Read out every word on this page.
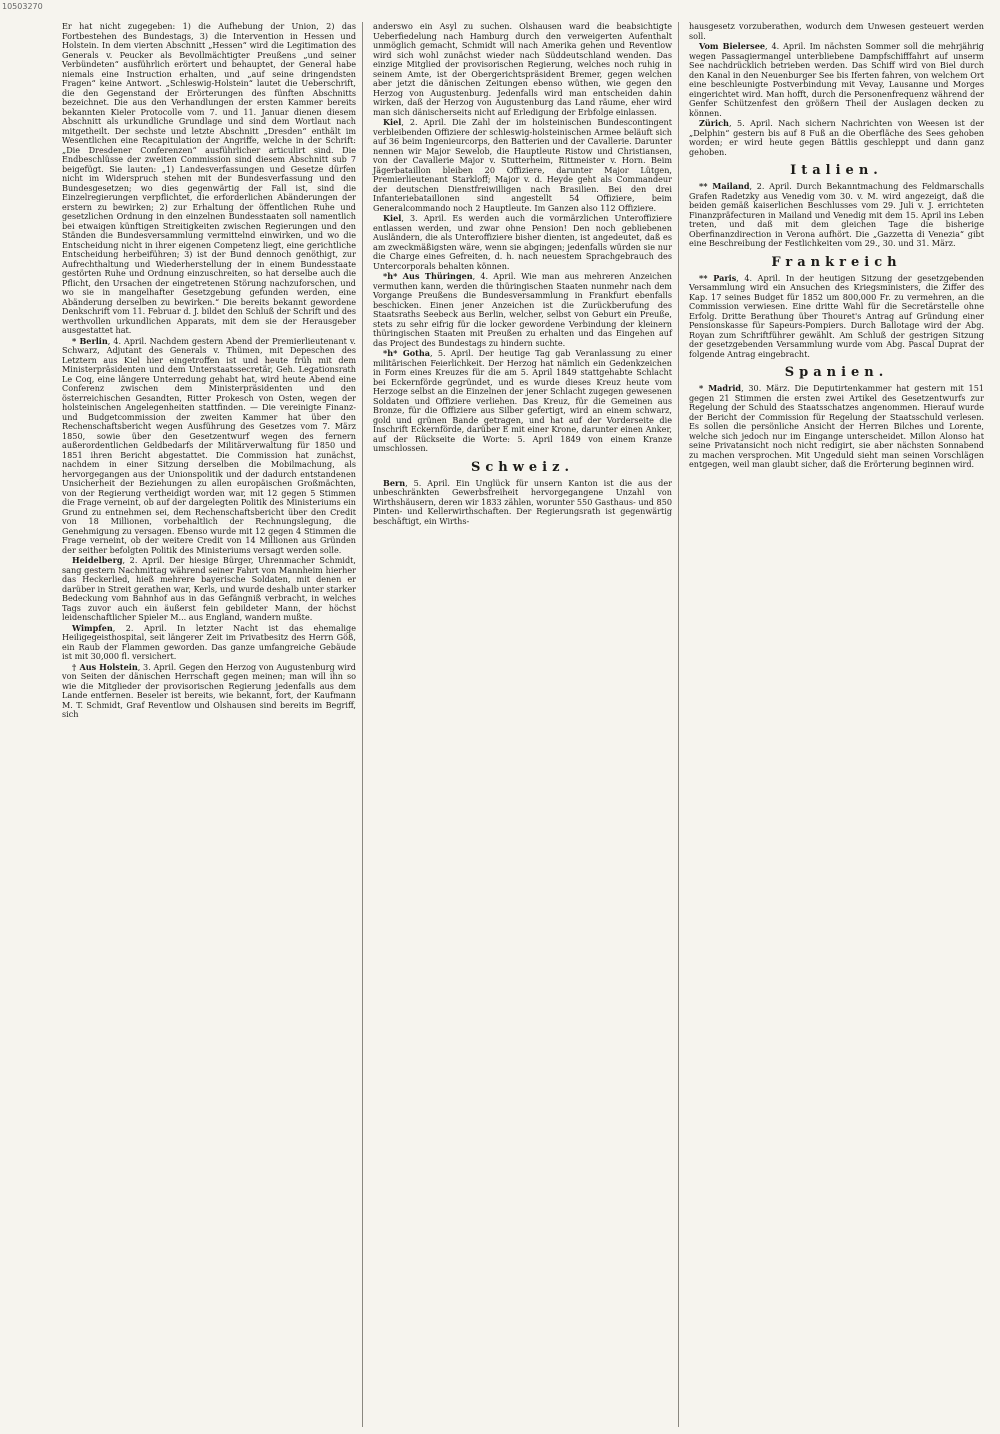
10503270

Er hat nicht zugegeben: 1) die Aufhebung der Union, 2) das Fortbestehen des Bundestags, 3) die Intervention in Hessen und Holstein. In dem vierten Abschnitt „Hessen“ wird die Legitimation des Generals v. Peucker als Bevollmächtigter Preußens „und seiner Verbündeten“ ausführlich erörtert und behauptet, der General habe niemals eine Instruction erhalten, und „auf seine dringendsten Fragen“ keine Antwort. „Schleswig-Holstein“ lautet die Ueberschrift, die den Gegenstand der Erörterungen des fünften Abschnitts bezeichnet. Die aus den Verhandlungen der ersten Kammer bereits bekannten Kieler Protocolle vom 7. und 11. Januar dienen diesem Abschnitt als urkundliche Grundlage und sind dem Wortlaut nach mitgetheilt. Der sechste und letzte Abschnitt „Dresden“ enthält im Wesentlichen eine Recapitulation der Angriffe, welche in der Schrift: „Die Dresdener Conferenzen“ ausführlicher articulirt sind. Die Endbeschlüsse der zweiten Commission sind diesem Abschnitt sub 7 beigefügt. Sie lauten: „1) Landesverfassungen und Gesetze dürfen nicht im Widerspruch stehen mit der Bundesverfassung und den Bundesgesetzen; wo dies gegenwärtig der Fall ist, sind die Einzelregierungen verpflichtet, die erforderlichen Abänderungen der erstern zu bewirken; 2) zur Erhaltung der öffentlichen Ruhe und gesetzlichen Ordnung in den einzelnen Bundesstaaten soll namentlich bei etwaigen künftigen Streitigkeiten zwischen Regierungen und den Ständen die Bundesversammlung vermittelnd einwirken, und wo die Entscheidung nicht in ihrer eigenen Competenz liegt, eine gerichtliche Entscheidung herbeiführen; 3) ist der Bund dennoch genöthigt, zur Aufrechthaltung und Wiederherstellung der in einem Bundesstaate gestörten Ruhe und Ordnung einzuschreiten, so hat derselbe auch die Pflicht, den Ursachen der eingetretenen Störung nachzuforschen, und wo sie in mangelhafter Gesetzgebung gefunden werden, eine Abänderung derselben zu bewirken.“ Die bereits bekannt gewordene Denkschrift vom 11. Februar d. J. bildet den Schluß der Schrift und des werthvollen urkundlichen Apparats, mit dem sie der Herausgeber ausgestattet hat.

* Berlin, 4. April. Nachdem gestern Abend der Premierlieutenant v. Schwarz, Adjutant des Generals v. Thümen, mit Depeschen des Letztern aus Kiel hier eingetroffen ist und heute früh mit dem Ministerpräsidenten und dem Unterstaatssecretär, Geh. Legationsrath Le Coq, eine längere Unterredung gehabt hat, wird heute Abend eine Conferenz zwischen dem Ministerpräsidenten und den österreichischen Gesandten, Ritter Prokesch von Osten, wegen der holsteinischen Angelegenheiten stattfinden. — Die vereinigte Finanz- und Budgetcommission der zweiten Kammer hat über den Rechenschaftsbericht wegen Ausführung des Gesetzes vom 7. März 1850, sowie über den Gesetzentwurf wegen des fernern außerordentlichen Geldbedarfs der Militärverwaltung für 1850 und 1851 ihren Bericht abgestattet. Die Commission hat zunächst, nachdem in einer Sitzung derselben die Mobilmachung, als hervorgegangen aus der Unionspolitik und der dadurch entstandenen Unsicherheit der Beziehungen zu allen europäischen Großmächten, von der Regierung vertheidigt worden war, mit 12 gegen 5 Stimmen die Frage verneint, ob auf der dargelegten Politik des Ministeriums ein Grund zu entnehmen sei, dem Rechenschaftsbericht über den Credit von 18 Millionen, vorbehaltlich der Rechnungslegung, die Genehmigung zu versagen. Ebenso wurde mit 12 gegen 4 Stimmen die Frage verneint, ob der weitere Credit von 14 Millionen aus Gründen der seither befolgten Politik des Ministeriums versagt werden solle.

Heidelberg, 2. April. Der hiesige Bürger, Uhrenmacher Schmidt, sang gestern Nachmittag während seiner Fahrt von Mannheim hierher das Heckerlied, hieß mehrere bayerische Soldaten, mit denen er darüber in Streit gerathen war, Kerls, und wurde deshalb unter starker Bedeckung vom Bahnhof aus in das Gefängniß verbracht, in welches Tags zuvor auch ein äußerst fein gebildeter Mann, der höchst leidenschaftlicher Spieler M... aus England, wandern mußte.

Wimpfen, 2. April. In letzter Nacht ist das ehemalige Heiligegeisthospital, seit längerer Zeit im Privatbesitz des Herrn Göß, ein Raub der Flammen geworden. Das ganze umfangreiche Gebäude ist mit 30,000 fl. versichert.

† Aus Holstein, 3. April. Gegen den Herzog von Augustenburg wird von Seiten der dänischen Herrschaft gegen meinen; man will ihn so wie die Mitglieder der provisorischen Regierung jedenfalls aus dem Lande entfernen. Beseler ist bereits, wie bekannt, fort, der Kaufmann M. T. Schmidt, Graf Reventlow und Olshausen sind bereits im Begriff, sich

anderswo ein Asyl zu suchen. Olshausen ward die beabsichtigte Ueberfiedelung nach Hamburg durch den verweigerten Aufenthalt unmöglich gemacht, Schmidt will nach Amerika gehen und Reventlow wird sich wohl zunächst wieder nach Süddeutschland wenden. Das einzige Mitglied der provisorischen Regierung, welches noch ruhig in seinem Amte, ist der Obergerichtspräsident Bremer, gegen welchen aber jetzt die dänischen Zeitungen ebenso wüthen, wie gegen den Herzog von Augustenburg. Jedenfalls wird man entscheiden dahin wirken, daß der Herzog von Augustenburg das Land räume, eher wird man sich dänischerseits nicht auf Erledigung der Erbfolge einlassen.

Kiel, 2. April. Die Zahl der im holsteinischen Bundescontingent verbleibenden Offiziere der schleswig-holsteinischen Armee beläuft sich auf 36 beim Ingenieurcorps, den Batterien und der Cavallerie. Darunter nennen wir Major Sewelob, die Hauptleute Ristow und Christiansen, von der Cavallerie Major v. Stutterheim, Rittmeister v. Horn. Beim Jägerbataillon bleiben 20 Offiziere, darunter Major Lütgen, Premierlieutenant Starkloff; Major v. d. Heyde geht als Commandeur der deutschen Dienstfreiwilligen nach Brasilien. Bei den drei Infanteriebataillonen sind angestellt 54 Offiziere, beim Generalcommando noch 2 Hauptleute. Im Ganzen also 112 Offiziere.

Kiel, 3. April. Es werden auch die vormärzlichen Unteroffiziere entlassen werden, und zwar ohne Pension! Den noch gebliebenen Ausländern, die als Unteroffiziere bisher dienten, ist angedeutet, daß es am zweckmäßigsten wäre, wenn sie abgingen; jedenfalls würden sie nur die Charge eines Gefreiten, d. h. nach neuestem Sprachgebrauch des Untercorporals behalten können.

*h* Aus Thüringen, 4. April. Wie man aus mehreren Anzeichen vermuthen kann, werden die thüringischen Staaten nunmehr nach dem Vorgange Preußens die Bundesversammlung in Frankfurt ebenfalls beschicken. Einen jener Anzeichen ist die Zurückberufung des Staatsraths Seebeck aus Berlin, welcher, selbst von Geburt ein Preuße, stets zu sehr eifrig für die locker gewordene Verbindung der kleinern thüringischen Staaten mit Preußen zu erhalten und das Eingehen auf das Project des Bundestags zu hindern suchte.

*h* Gotha, 5. April. Der heutige Tag gab Veranlassung zu einer militärischen Feierlichkeit. Der Herzog hat nämlich ein Gedenkzeichen in Form eines Kreuzes für die am 5. April 1849 stattgehabte Schlacht bei Eckernförde gegründet, und es wurde dieses Kreuz heute vom Herzoge selbst an die Einzelnen der jener Schlacht zugegen gewesenen Soldaten und Offiziere verliehen. Das Kreuz, für die Gemeinen aus Bronze, für die Offiziere aus Silber gefertigt, wird an einem schwarz, gold und grünen Bande getragen, und hat auf der Vorderseite die Inschrift Eckernförde, darüber E mit einer Krone, darunter einen Anker, auf der Rückseite die Worte: 5. April 1849 von einem Kranze umschlossen.

Schweiz.

Bern, 5. April. Ein Unglück für unsern Kanton ist die aus der unbeschränkten Gewerbsfreiheit hervorgegangene Unzahl von Wirthshäusern, deren wir 1833 zählen, worunter 550 Gasthaus- und 850 Pinten- und Kellerwirthschaften. Der Regierungsrath ist gegenwärtig beschäftigt, ein Wirths-

hausgesetz vorzuberathen, wodurch dem Unwesen gesteuert werden soll.

Vom Bielersee, 4. April. Im nächsten Sommer soll die mehrjährig wegen Passagiermangel unterbliebene Dampfschifffahrt auf unserm See nachdrücklich betrieben werden. Das Schiff wird von Biel durch den Kanal in den Neuenburger See bis Iferten fahren, von welchem Ort eine beschleunigte Postverbindung mit Vevay, Lausanne und Morges eingerichtet wird. Man hofft, durch die Personenfrequenz während der Genfer Schützenfest den größern Theil der Auslagen decken zu können.

Zürich, 5. April. Nach sichern Nachrichten von Weesen ist der „Delphin“ gestern bis auf 8 Fuß an die Oberfläche des Sees gehoben worden; er wird heute gegen Bättlis geschleppt und dann ganz gehoben.

Italien.

** Mailand, 2. April. Durch Bekanntmachung des Feldmarschalls Grafen Radetzky aus Venedig vom 30. v. M. wird angezeigt, daß die beiden gemäß kaiserlichen Beschlusses vom 29. Juli v. J. errichteten Finanzpräfecturen in Mailand und Venedig mit dem 15. April ins Leben treten, und daß mit dem gleichen Tage die bisherige Oberfinanzdirection in Verona aufhört. Die „Gazzetta di Venezia“ gibt eine Beschreibung der Festlichkeiten vom 29., 30. und 31. März.

Frankreich

** Paris, 4. April. In der heutigen Sitzung der gesetzgebenden Versammlung wird ein Ansuchen des Kriegsministers, die Ziffer des Kap. 17 seines Budget für 1852 um 800,000 Fr. zu vermehren, an die Commission verwiesen. Eine dritte Wahl für die Secretärstelle ohne Erfolg. Dritte Berathung über Thouret's Antrag auf Gründung einer Pensionskasse für Sapeurs-Pompiers. Durch Ballotage wird der Abg. Royan zum Schriftführer gewählt. Am Schluß der gestrigen Sitzung der gesetzgebenden Versammlung wurde vom Abg. Pascal Duprat der folgende Antrag eingebracht.

Spanien.

* Madrid, 30. März. Die Deputirtenkammer hat gestern mit 151 gegen 21 Stimmen die ersten zwei Artikel des Gesetzentwurfs zur Regelung der Schuld des Staatsschatzes angenommen. Hierauf wurde der Bericht der Commission für Regelung der Staatsschuld verlesen. Es sollen die persönliche Ansicht der Herren Bilches und Lorente, welche sich jedoch nur im Eingange unterscheidet. Millon Alonso hat seine Privatansicht noch nicht redigirt, sie aber nächsten Sonnabend zu machen versprochen. Mit Ungeduld sieht man seinen Vorschlägen entgegen, weil man glaubt sicher, daß die Erörterung beginnen wird.
